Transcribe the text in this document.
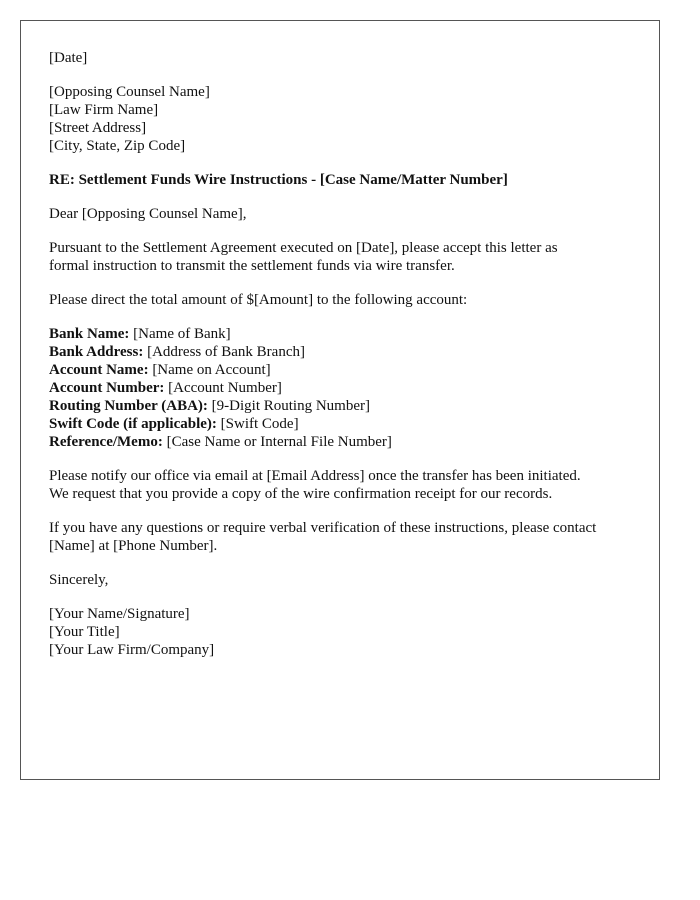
[Date]
[Opposing Counsel Name]
[Law Firm Name]
[Street Address]
[City, State, Zip Code]
RE: Settlement Funds Wire Instructions - [Case Name/Matter Number]
Dear [Opposing Counsel Name],
Pursuant to the Settlement Agreement executed on [Date], please accept this letter as
formal instruction to transmit the settlement funds via wire transfer.
Please direct the total amount of $[Amount] to the following account:
Bank Name: [Name of Bank]
Bank Address: [Address of Bank Branch]
Account Name: [Name on Account]
Account Number: [Account Number]
Routing Number (ABA): [9-Digit Routing Number]
Swift Code (if applicable): [Swift Code]
Reference/Memo: [Case Name or Internal File Number]
Please notify our office via email at [Email Address] once the transfer has been initiated.
We request that you provide a copy of the wire confirmation receipt for our records.
If you have any questions or require verbal verification of these instructions, please contact
[Name] at [Phone Number].
Sincerely,
[Your Name/Signature]
[Your Title]
[Your Law Firm/Company]
